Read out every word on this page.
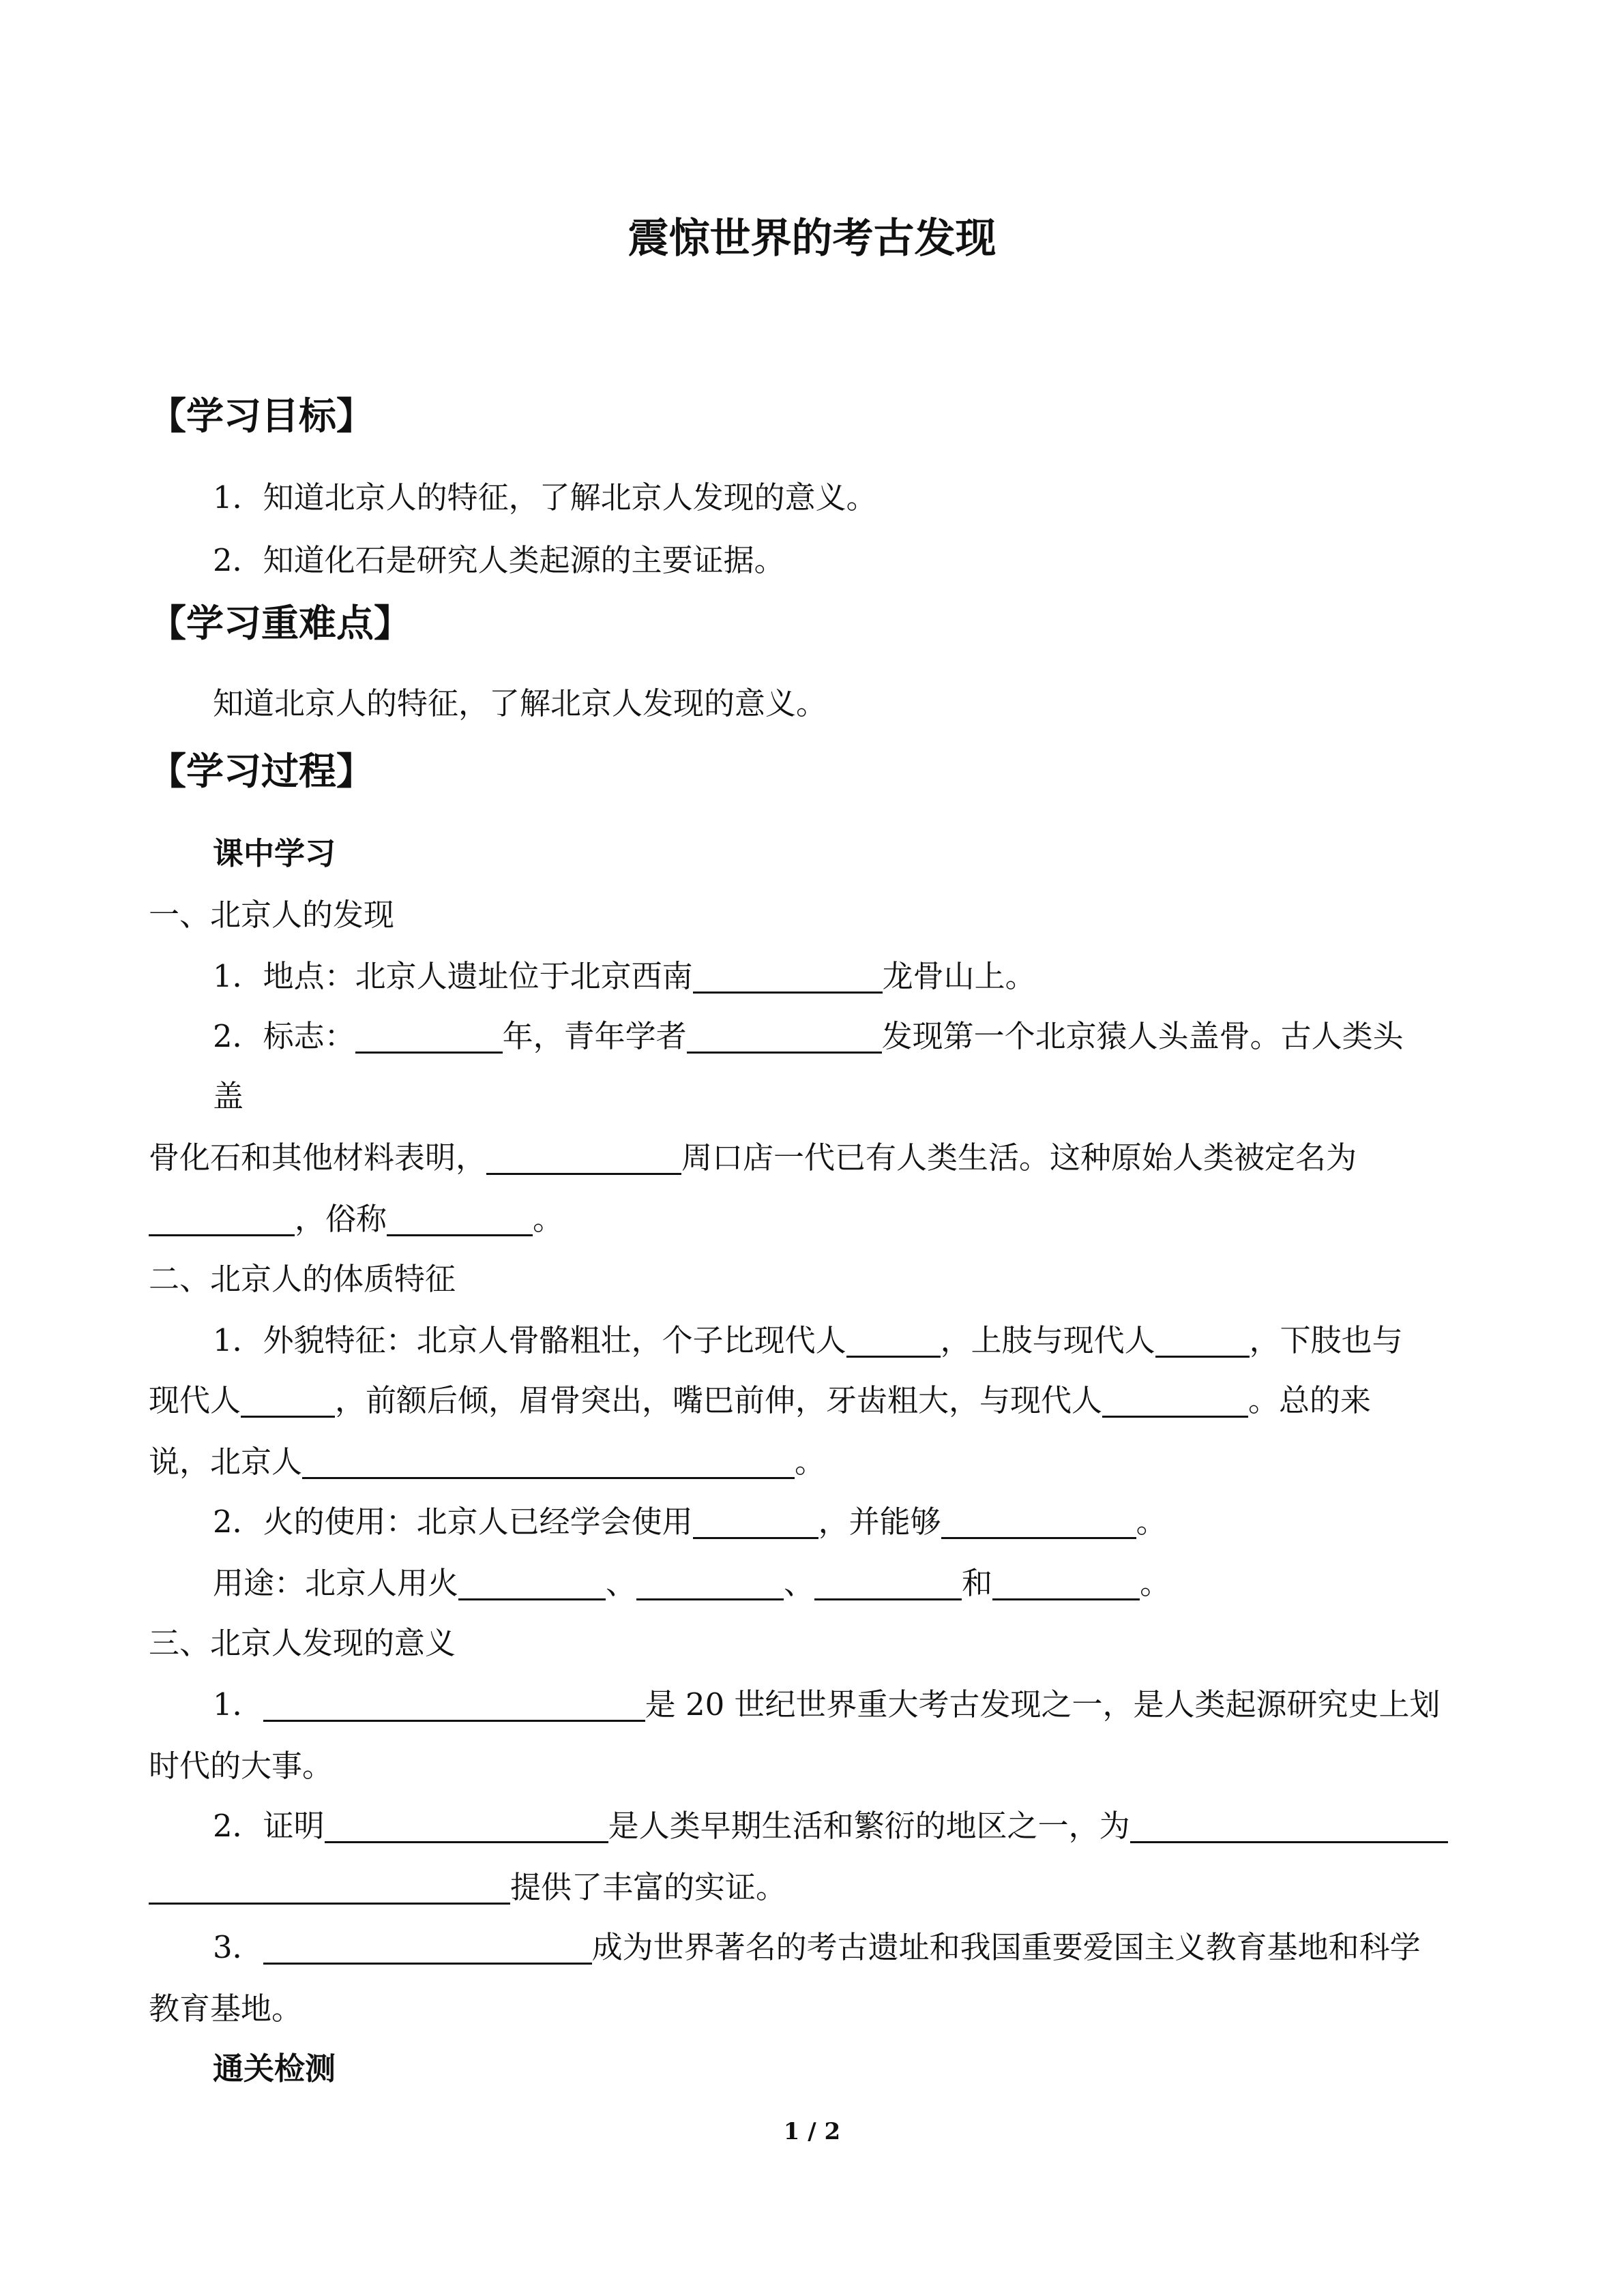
震惊世界的考古发现
【学习目标】
1．知道北京人的特征，了解北京人发现的意义。
2．知道化石是研究人类起源的主要证据。
【学习重难点】
知道北京人的特征，了解北京人发现的意义。
【学习过程】
课中学习
一、北京人的发现
1．地点：北京人遗址位于北京西南	龙骨山上。
2．标志：	年，青年学者	发现第一个北京猿人头盖骨。古人类头
盖
骨化石和其他材料表明，	周口店一代已有人类生活。这种原始人类被定名为
，俗称	。
二、北京人的体质特征
1．外貌特征：北京人骨骼粗壮，个子比现代人	，上肢与现代人	，下肢也与
现代人	，前额后倾，眉骨突出，嘴巴前伸，牙齿粗大，与现代人	。总的来
说，北京人	。
2．火的使用：北京人已经学会使用	，并能够	。
用途：北京人用火	、	、	和	。
三、北京人发现的意义
1．	是 20 世纪世界重大考古发现之一，是人类起源研究史上划
时代的大事。
2．证明	是人类早期生活和繁衍的地区之一，为
提供了丰富的实证。
3．	成为世界著名的考古遗址和我国重要爱国主义教育基地和科学
教育基地。
通关检测
1 / 2
